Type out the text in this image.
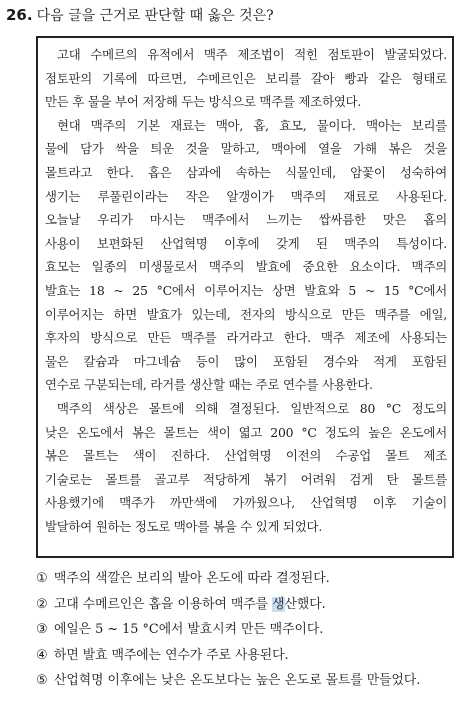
26. 다음 글을 근거로 판단할 때 옳은 것은?
고대 수메르의 유적에서 맥주 제조법이 적힌 점토판이 발굴되었다.
점토판의 기록에 따르면, 수메르인은 보리를 갈아 빵과 같은 형태로
만든 후 물을 부어 저장해 두는 방식으로 맥주를 제조하였다.
현대 맥주의 기본 재료는 맥아, 홉, 효모, 물이다. 맥아는 보리를
물에 담가 싹을 틔운 것을 말하고, 맥아에 열을 가해 볶은 것을
몰트라고 한다. 홉은 삼과에 속하는 식물인데, 암꽃이 성숙하여
생기는 루풀린이라는 작은 알갱이가 맥주의 재료로 사용된다.
오늘날 우리가 마시는 맥주에서 느끼는 쌉싸름한 맛은 홉의
사용이 보편화된 산업혁명 이후에 갖게 된 맥주의 특성이다.
효모는 일종의 미생물로서 맥주의 발효에 중요한 요소이다. 맥주의
발효는 18 ~ 25 °C에서 이루어지는 상면 발효와 5 ~ 15 °C에서
이루어지는 하면 발효가 있는데, 전자의 방식으로 만든 맥주를 에일,
후자의 방식으로 만든 맥주를 라거라고 한다. 맥주 제조에 사용되는
물은 칼슘과 마그네슘 등이 많이 포함된 경수와 적게 포함된
연수로 구분되는데, 라거를 생산할 때는 주로 연수를 사용한다.
맥주의 색상은 몰트에 의해 결정된다. 일반적으로 80 °C 정도의
낮은 온도에서 볶은 몰트는 색이 엷고 200 °C 정도의 높은 온도에서
볶은 몰트는 색이 진하다. 산업혁명 이전의 수공업 몰트 제조
기술로는 몰트를 골고루 적당하게 볶기 어려워 검게 탄 몰트를
사용했기에 맥주가 까만색에 가까웠으나, 산업혁명 이후 기술이
발달하여 원하는 정도로 맥아를 볶을 수 있게 되었다.
① 맥주의 색깔은 보리의 발아 온도에 따라 결정된다.
② 고대 수메르인은 홉을 이용하여 맥주를 생산했다.
③ 에일은 5 ~ 15 °C에서 발효시켜 만든 맥주이다.
④ 하면 발효 맥주에는 연수가 주로 사용된다.
⑤ 산업혁명 이후에는 낮은 온도보다는 높은 온도로 몰트를 만들었다.
